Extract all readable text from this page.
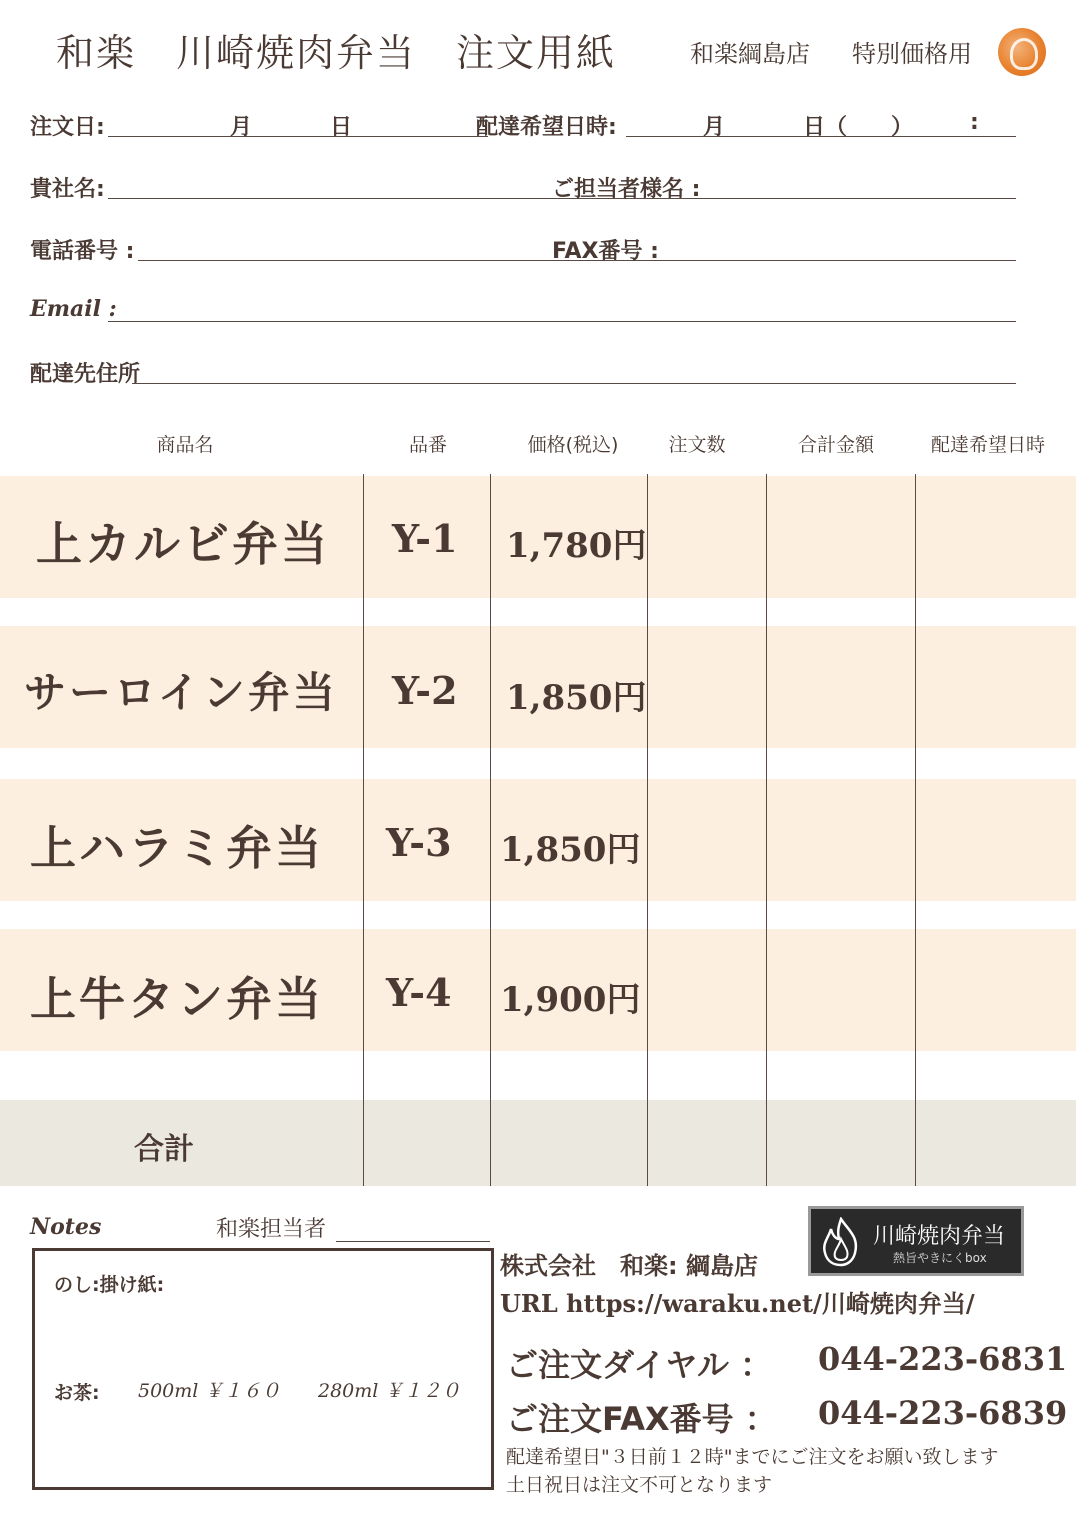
和楽　川崎焼肉弁当　注文用紙	和楽綱島店 特別価格用
注文日:	月	日	配達希望日時:	月	日（　　）	:
貴社名:	ご担当者様名 :
電話番号 :	FAX番号 :
Email :
配達先住所
商品名	品番	価格(税込)	注文数	合計金額	配達希望日時
上カルビ弁当 Y-1 1,780円
サーロイン弁当 Y-2 1,850円
上ハラミ弁当 Y-3 1,850円
上牛タン弁当 Y-4 1,900円
合計
Notes	和楽担当者
のし:掛け紙:
お茶: 500ml ￥１６０ 280ml ￥１２０
川崎焼肉弁当
熱旨やきにくbox
株式会社　和楽: 綱島店
URL https://waraku.net/川崎焼肉弁当/
ご注文ダイヤル ： 044-223-6831
ご注文FAX番号 ： 044-223-6839
配達希望日"３日前１２時"までにご注文をお願い致します
土日祝日は注文不可となります
